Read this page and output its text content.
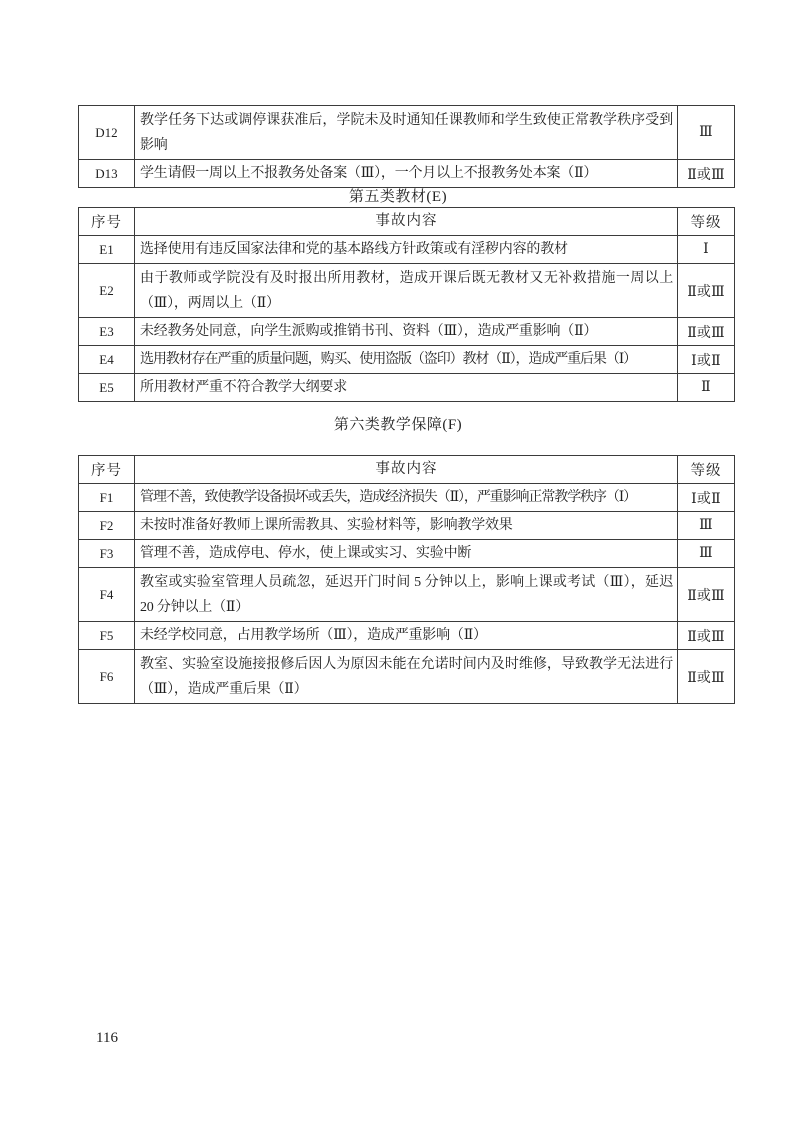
D12	教学任务下达或调停课获准后，学院未及时通知任课教师和学生致使正常教学秩序受到影响	Ⅲ
D13	学生请假一周以上不报教务处备案（Ⅲ），一个月以上不报教务处本案（Ⅱ）	Ⅱ或Ⅲ
第五类教材(E)
序号	事故内容	等级
E1	选择使用有违反国家法律和党的基本路线方针政策或有淫秽内容的教材	Ⅰ
E2	由于教师或学院没有及时报出所用教材，造成开课后既无教材又无补救措施一周以上（Ⅲ），两周以上（Ⅱ）	Ⅱ或Ⅲ
E3	未经教务处同意，向学生派购或推销书刊、资料（Ⅲ），造成严重影响（Ⅱ）	Ⅱ或Ⅲ
E4	选用教材存在严重的质量问题，购买、使用盗版（盗印）教材（Ⅱ），造成严重后果（Ⅰ）	Ⅰ或Ⅱ
E5	所用教材严重不符合教学大纲要求	Ⅱ
第六类教学保障(F)
序号	事故内容	等级
F1	管理不善，致使教学设备损坏或丢失，造成经济损失（Ⅱ），严重影响正常教学秩序（Ⅰ）	Ⅰ或Ⅱ
F2	未按时准备好教师上课所需教具、实验材料等，影响教学效果	Ⅲ
F3	管理不善，造成停电、停水，使上课或实习、实验中断	Ⅲ
F4	教室或实验室管理人员疏忽，延迟开门时间 5 分钟以上，影响上课或考试（Ⅲ），延迟 20 分钟以上（Ⅱ）	Ⅱ或Ⅲ
F5	未经学校同意，占用教学场所（Ⅲ），造成严重影响（Ⅱ）	Ⅱ或Ⅲ
F6	教室、实验室设施接报修后因人为原因未能在允诺时间内及时维修，导致教学无法进行（Ⅲ），造成严重后果（Ⅱ）	Ⅱ或Ⅲ
116
